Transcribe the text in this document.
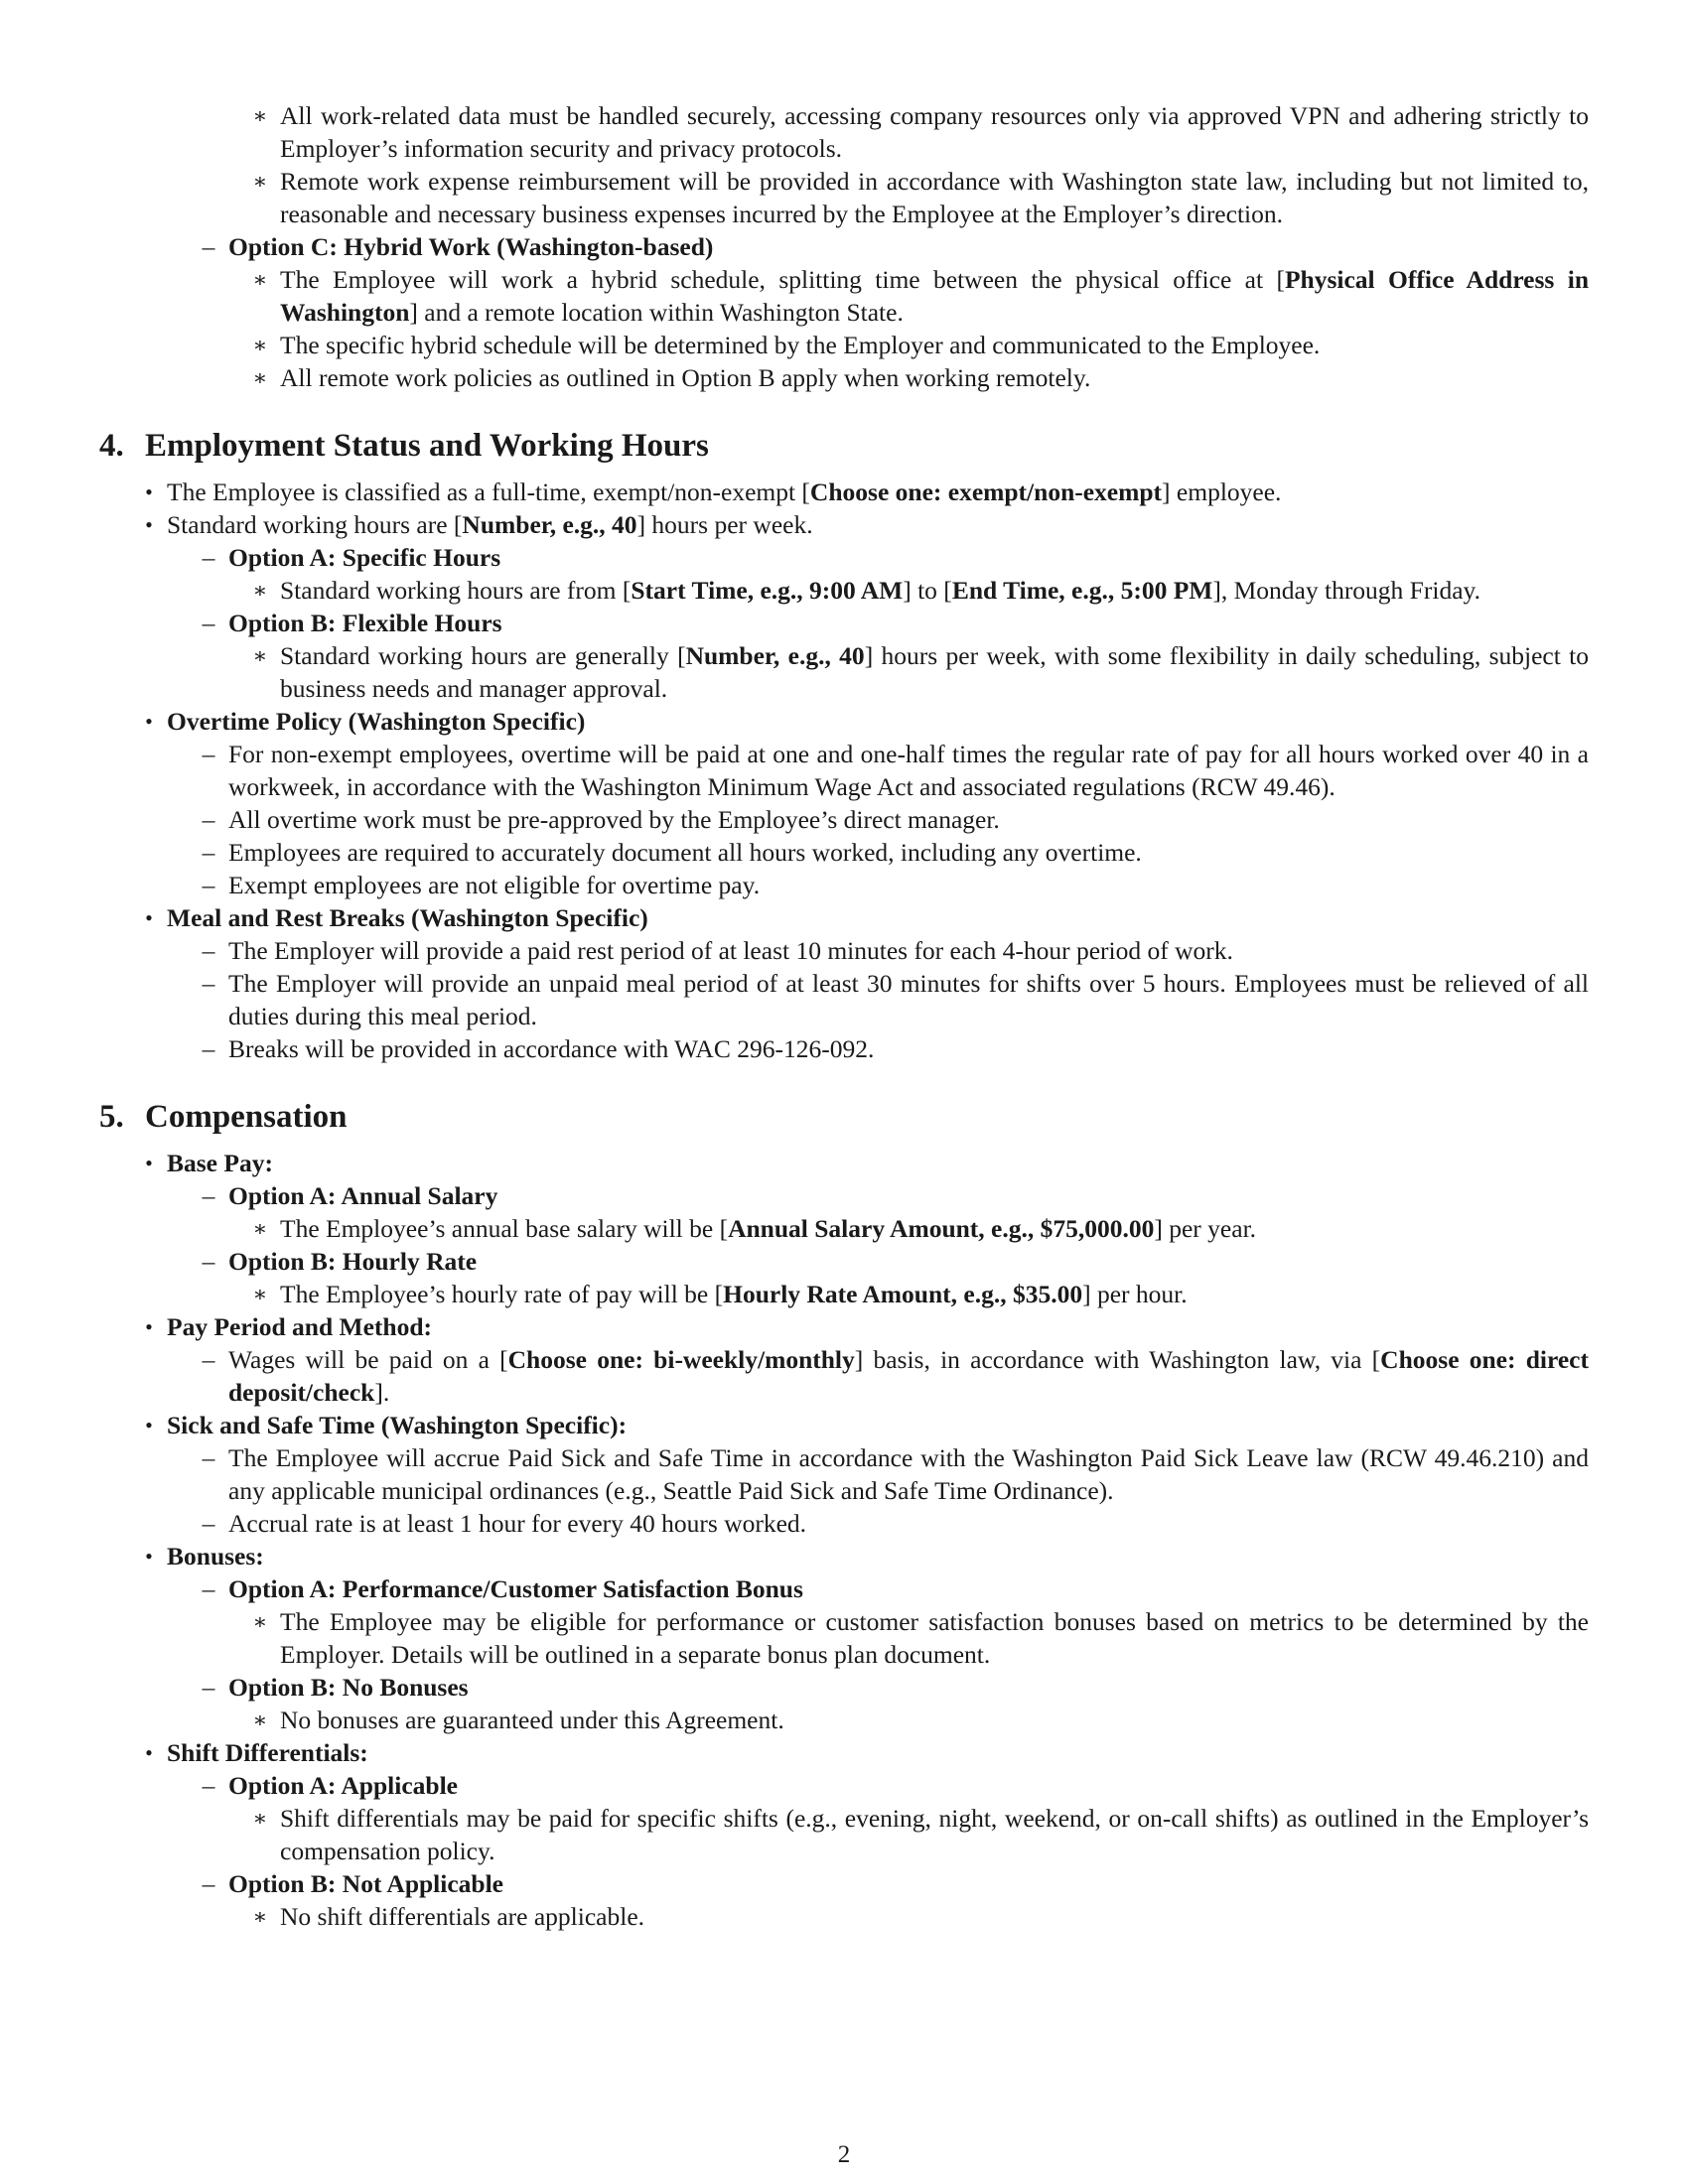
∗ All work-related data must be handled securely, accessing company resources only via approved VPN and adhering strictly to Employer’s information security and privacy protocols.
∗ Remote work expense reimbursement will be provided in accordance with Washington state law, including but not limited to, reasonable and necessary business expenses incurred by the Employee at the Employer’s direction.
– Option C: Hybrid Work (Washington-based)
∗ The Employee will work a hybrid schedule, splitting time between the physical office at [Physical Office Address in Washington] and a remote location within Washington State.
∗ The specific hybrid schedule will be determined by the Employer and communicated to the Employee.
∗ All remote work policies as outlined in Option B apply when working remotely.
4. Employment Status and Working Hours
• The Employee is classified as a full-time, exempt/non-exempt [Choose one: exempt/non-exempt] employee.
• Standard working hours are [Number, e.g., 40] hours per week.
– Option A: Specific Hours
∗ Standard working hours are from [Start Time, e.g., 9:00 AM] to [End Time, e.g., 5:00 PM], Monday through Friday.
– Option B: Flexible Hours
∗ Standard working hours are generally [Number, e.g., 40] hours per week, with some flexibility in daily scheduling, subject to business needs and manager approval.
• Overtime Policy (Washington Specific)
– For non-exempt employees, overtime will be paid at one and one-half times the regular rate of pay for all hours worked over 40 in a workweek, in accordance with the Washington Minimum Wage Act and associated regulations (RCW 49.46).
– All overtime work must be pre-approved by the Employee’s direct manager.
– Employees are required to accurately document all hours worked, including any overtime.
– Exempt employees are not eligible for overtime pay.
• Meal and Rest Breaks (Washington Specific)
– The Employer will provide a paid rest period of at least 10 minutes for each 4-hour period of work.
– The Employer will provide an unpaid meal period of at least 30 minutes for shifts over 5 hours. Employees must be relieved of all duties during this meal period.
– Breaks will be provided in accordance with WAC 296-126-092.
5. Compensation
• Base Pay:
– Option A: Annual Salary
∗ The Employee’s annual base salary will be [Annual Salary Amount, e.g., $75,000.00] per year.
– Option B: Hourly Rate
∗ The Employee’s hourly rate of pay will be [Hourly Rate Amount, e.g., $35.00] per hour.
• Pay Period and Method:
– Wages will be paid on a [Choose one: bi-weekly/monthly] basis, in accordance with Washington law, via [Choose one: direct deposit/check].
• Sick and Safe Time (Washington Specific):
– The Employee will accrue Paid Sick and Safe Time in accordance with the Washington Paid Sick Leave law (RCW 49.46.210) and any applicable municipal ordinances (e.g., Seattle Paid Sick and Safe Time Ordinance).
– Accrual rate is at least 1 hour for every 40 hours worked.
• Bonuses:
– Option A: Performance/Customer Satisfaction Bonus
∗ The Employee may be eligible for performance or customer satisfaction bonuses based on metrics to be determined by the Employer. Details will be outlined in a separate bonus plan document.
– Option B: No Bonuses
∗ No bonuses are guaranteed under this Agreement.
• Shift Differentials:
– Option A: Applicable
∗ Shift differentials may be paid for specific shifts (e.g., evening, night, weekend, or on-call shifts) as outlined in the Employer’s compensation policy.
– Option B: Not Applicable
∗ No shift differentials are applicable.
2
